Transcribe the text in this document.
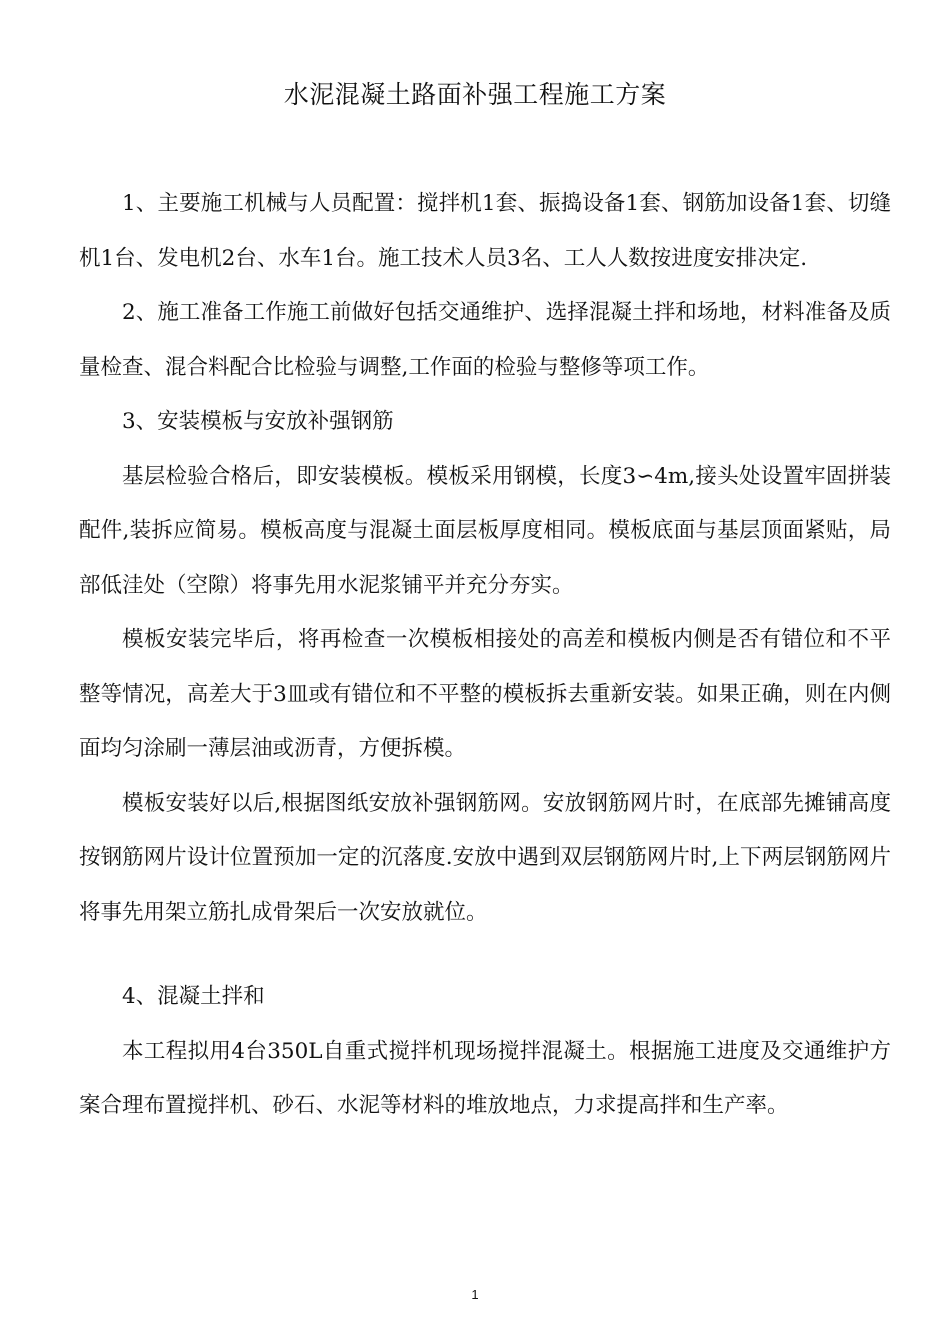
水泥混凝土路面补强工程施工方案

1、主要施工机械与人员配置：搅拌机1套、振捣设备1套、钢筋加设备1套、切缝机1台、发电机2台、水车1台。施工技术人员3名、工人人数按进度安排决定.

2、施工准备工作施工前做好包括交通维护、选择混凝土拌和场地，材料准备及质量检查、混合料配合比检验与调整,工作面的检验与整修等项工作。

3、安装模板与安放补强钢筋

基层检验合格后，即安装模板。模板采用钢模，长度3∽4m,接头处设置牢固拼装配件,装拆应简易。模板高度与混凝土面层板厚度相同。模板底面与基层顶面紧贴，局部低洼处（空隙）将事先用水泥浆铺平并充分夯实。

模板安装完毕后，将再检查一次模板相接处的高差和模板内侧是否有错位和不平整等情况，高差大于3皿或有错位和不平整的模板拆去重新安装。如果正确，则在内侧面均匀涂刷一薄层油或沥青，方便拆模。

模板安装好以后,根据图纸安放补强钢筋网。安放钢筋网片时，在底部先摊铺高度按钢筋网片设计位置预加一定的沉落度.安放中遇到双层钢筋网片时,上下两层钢筋网片将事先用架立筋扎成骨架后一次安放就位。

4、混凝土拌和

本工程拟用4台350L自重式搅拌机现场搅拌混凝土。根据施工进度及交通维护方案合理布置搅拌机、砂石、水泥等材料的堆放地点，力求提高拌和生产率。

1
